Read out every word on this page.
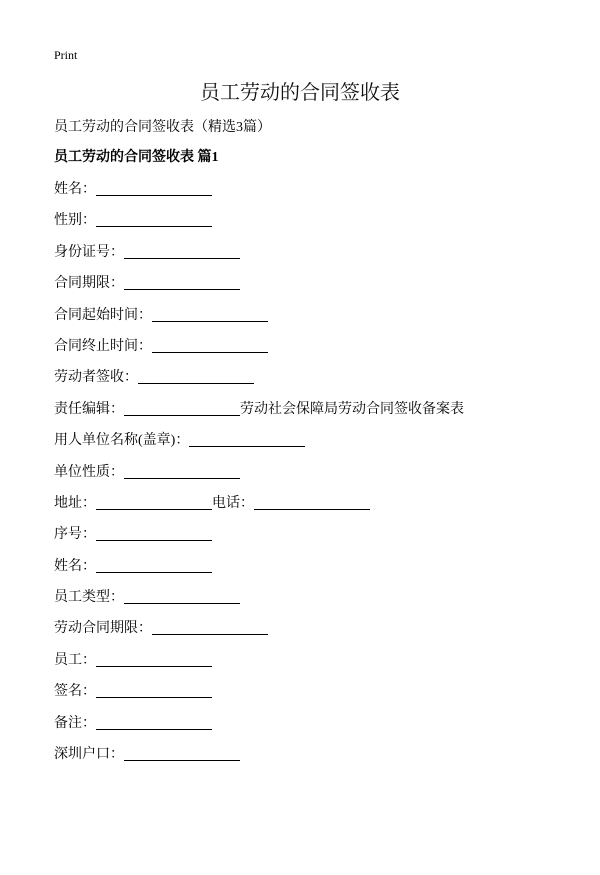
Print
员工劳动的合同签收表
员工劳动的合同签收表（精选3篇）
员工劳动的合同签收表 篇1
姓名：
性别：
身份证号：
合同期限：
合同起始时间：
合同终止时间：
劳动者签收：
责任编辑：	劳动社会保障局劳动合同签收备案表
用人单位名称(盖章)：
单位性质：
地址：	电话：
序号：
姓名：
员工类型：
劳动合同期限：
员工：
签名：
备注：
深圳户口：
